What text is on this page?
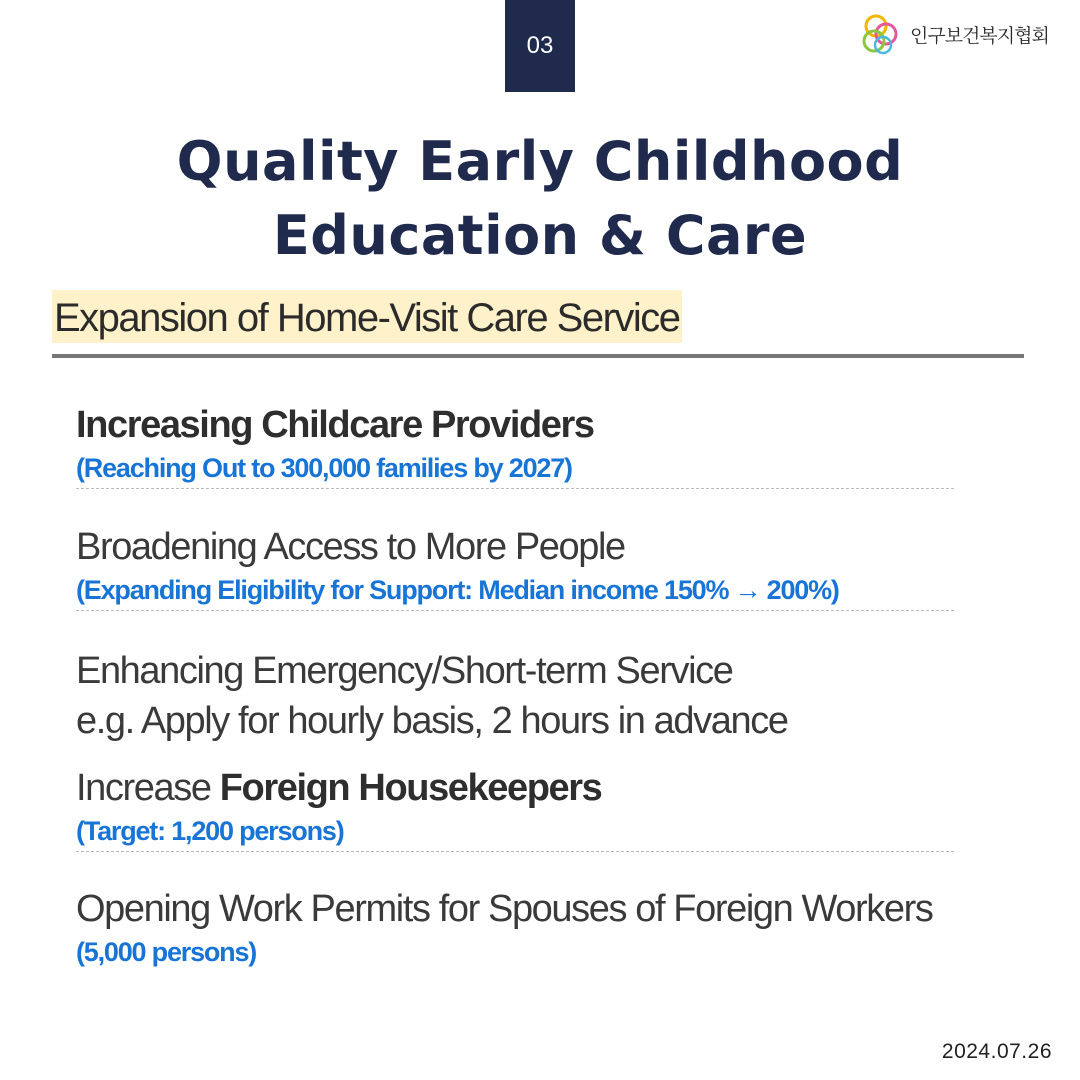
03	인구보건복지협회
Quality Early Childhood
Education & Care
Expansion of Home-Visit Care Service
Increasing Childcare Providers
(Reaching Out to 300,000 families by 2027)
Broadening Access to More People
(Expanding Eligibility for Support: Median income 150% → 200%)
Enhancing Emergency/Short-term Service
e.g. Apply for hourly basis, 2 hours in advance
Increase Foreign Housekeepers
(Target: 1,200 persons)
Opening Work Permits for Spouses of Foreign Workers
(5,000 persons)
2024.07.26
